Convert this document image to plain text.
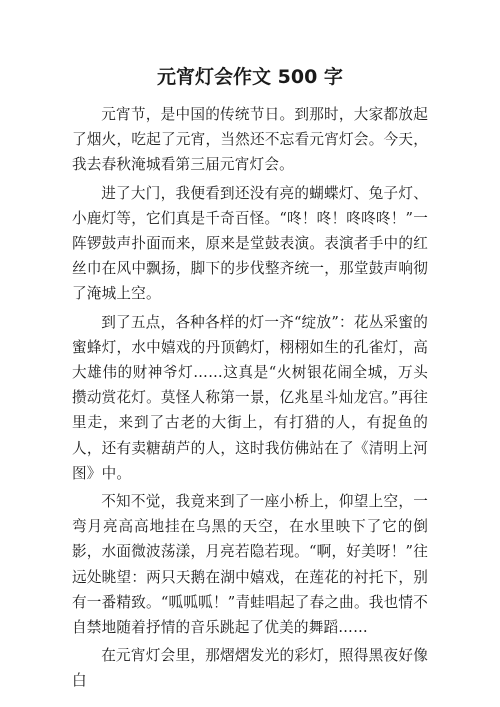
元宵灯会作文 500 字

元宵节，是中国的传统节日。到那时，大家都放起了烟火，吃起了元宵，当然还不忘看元宵灯会。今天，我去春秋淹城看第三届元宵灯会。

进了大门，我便看到还没有亮的蝴蝶灯、兔子灯、小鹿灯等，它们真是千奇百怪。“咚！咚！咚咚咚！”一阵锣鼓声扑面而来，原来是堂鼓表演。表演者手中的红丝巾在风中飘扬，脚下的步伐整齐统一，那堂鼓声响彻了淹城上空。

到了五点，各种各样的灯一齐“绽放”：花丛采蜜的蜜蜂灯，水中嬉戏的丹顶鹤灯，栩栩如生的孔雀灯，高大雄伟的财神爷灯……这真是“火树银花闹全城，万头攒动赏花灯。莫怪人称第一景，亿兆星斗灿龙宫。”再往里走，来到了古老的大街上，有打猎的人，有捉鱼的人，还有卖糖葫芦的人，这时我仿佛站在了《清明上河图》中。

不知不觉，我竟来到了一座小桥上，仰望上空，一弯月亮高高地挂在乌黑的天空，在水里映下了它的倒影，水面微波荡漾，月亮若隐若现。“啊，好美呀！”往远处眺望：两只天鹅在湖中嬉戏，在莲花的衬托下，别有一番精致。“呱呱呱！”青蛙唱起了春之曲。我也情不自禁地随着抒情的音乐跳起了优美的舞蹈……

在元宵灯会里，那熠熠发光的彩灯，照得黑夜好像白
